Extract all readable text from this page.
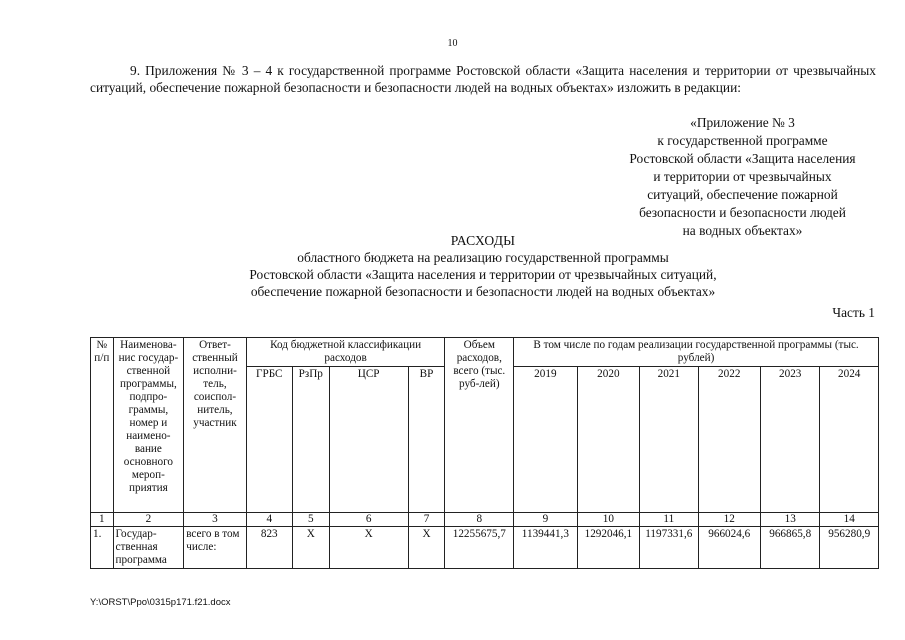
10
9. Приложения № 3 – 4 к государственной программе Ростовской области «Защита населения и территории от чрезвычайных ситуаций, обеспечение пожарной безопасности и безопасности людей на водных объектах» изложить в редакции:
«Приложение № 3
к государственной программе
Ростовской области «Защита населения
и территории от чрезвычайных
ситуаций, обеспечение пожарной
безопасности и безопасности людей
на водных объектах»
РАСХОДЫ
областного бюджета на реализацию государственной программы
Ростовской области «Защита населения и территории от чрезвычайных ситуаций,
обеспечение пожарной безопасности и безопасности людей на водных объектах»
Часть 1
№ п/п	Наименова-нис государ-ственной программы, подпро-граммы, номер и наимено-вание основного мероп-приятия	Ответ-ственный исполни-тель, соиспол-нитель, участник	Код бюджетной классификации расходов				Объем расходов, всего (тыс. руб-лей)	В том числе по годам реализации государственной программы (тыс. рублей)					
			ГРБС	РзПр	ЦСР	ВР		2019	2020	2021	2022	2023	2024
1	2	3	4	5	6	7	8	9	10	11	12	13	14
1.	Государ-ственная программа	всего в том числе:	823	X	X	X	12255675,7	1139441,3	1292046,1	1197331,6	966024,6	966865,8	956280,9
Y:\ORST\Ppo\0315p171.f21.docx
